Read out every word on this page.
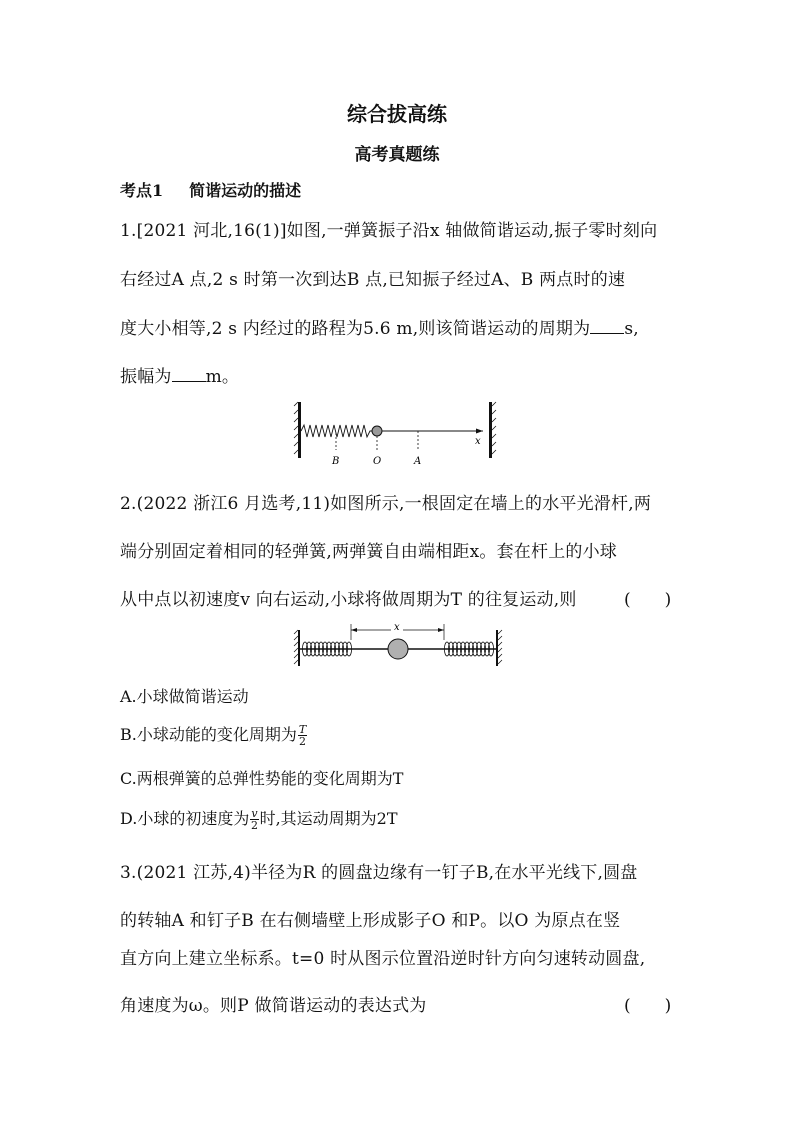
综合拔高练
高考真题练
考点1 简谐运动的描述
1.[2021 河北,16(1)]如图,一弹簧振子沿x 轴做简谐运动,振子零时刻向
右经过A 点,2 s 时第一次到达B 点,已知振子经过A、B 两点时的速
度大小相等,2 s 内经过的路程为5.6 m,则该简谐运动的周期为 s,
振幅为 m。
x
B	O	A
2.(2022 浙江6 月选考,11)如图所示,一根固定在墙上的水平光滑杆,两
端分别固定着相同的轻弹簧,两弹簧自由端相距x。套在杆上的小球
从中点以初速度v 向右运动,小球将做周期为T 的往复运动,则	(　　)
x
A.小球做简谐运动
B.小球动能的变化周期为 $\frac{T}{2}$
C.两根弹簧的总弹性势能的变化周期为T
D.小球的初速度为 $\frac{v}{2}$ 时,其运动周期为2T
3.(2021 江苏,4)半径为R 的圆盘边缘有一钉子B,在水平光线下,圆盘
的转轴A 和钉子B 在右侧墙壁上形成影子O 和P。以O 为原点在竖
直方向上建立坐标系。t=0 时从图示位置沿逆时针方向匀速转动圆盘,
角速度为ω。则P 做简谐运动的表达式为	(　　)
